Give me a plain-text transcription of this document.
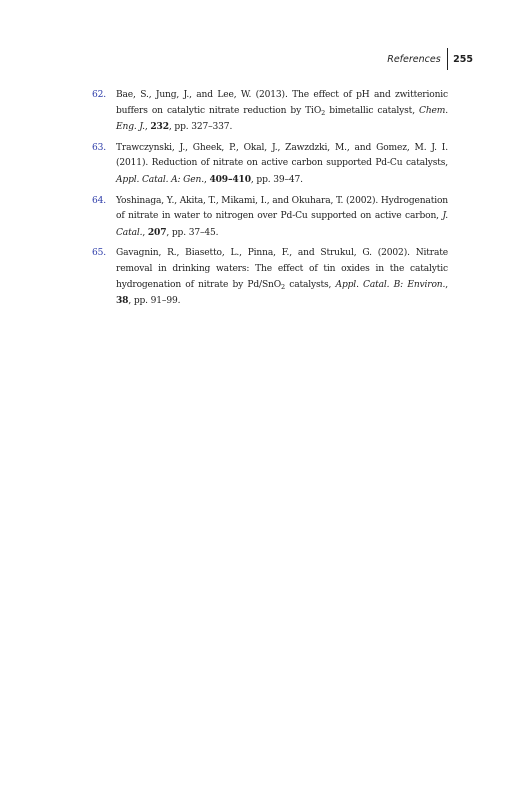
References	255
62. Bae, S., Jung, J., and Lee, W. (2013). The effect of pH and zwitterionic buffers on catalytic nitrate reduction by TiO$_2$ bimetallic catalyst, Chem. Eng. J., 232, pp. 327–337.
63. Trawczynski, J., Gheek, P., Okal, J., Zawzdzki, M., and Gomez, M. J. I. (2011). Reduction of nitrate on active carbon supported Pd-Cu catalysts, Appl. Catal. A: Gen., 409–410, pp. 39–47.
64. Yoshinaga, Y., Akita, T., Mikami, I., and Okuhara, T. (2002). Hydrogenation of nitrate in water to nitrogen over Pd-Cu supported on active carbon, J. Catal., 207, pp. 37–45.
65. Gavagnin, R., Biasetto, L., Pinna, F., and Strukul, G. (2002). Nitrate removal in drinking waters: The effect of tin oxides in the catalytic hydrogenation of nitrate by Pd/SnO$_2$ catalysts, Appl. Catal. B: Environ., 38, pp. 91–99.
